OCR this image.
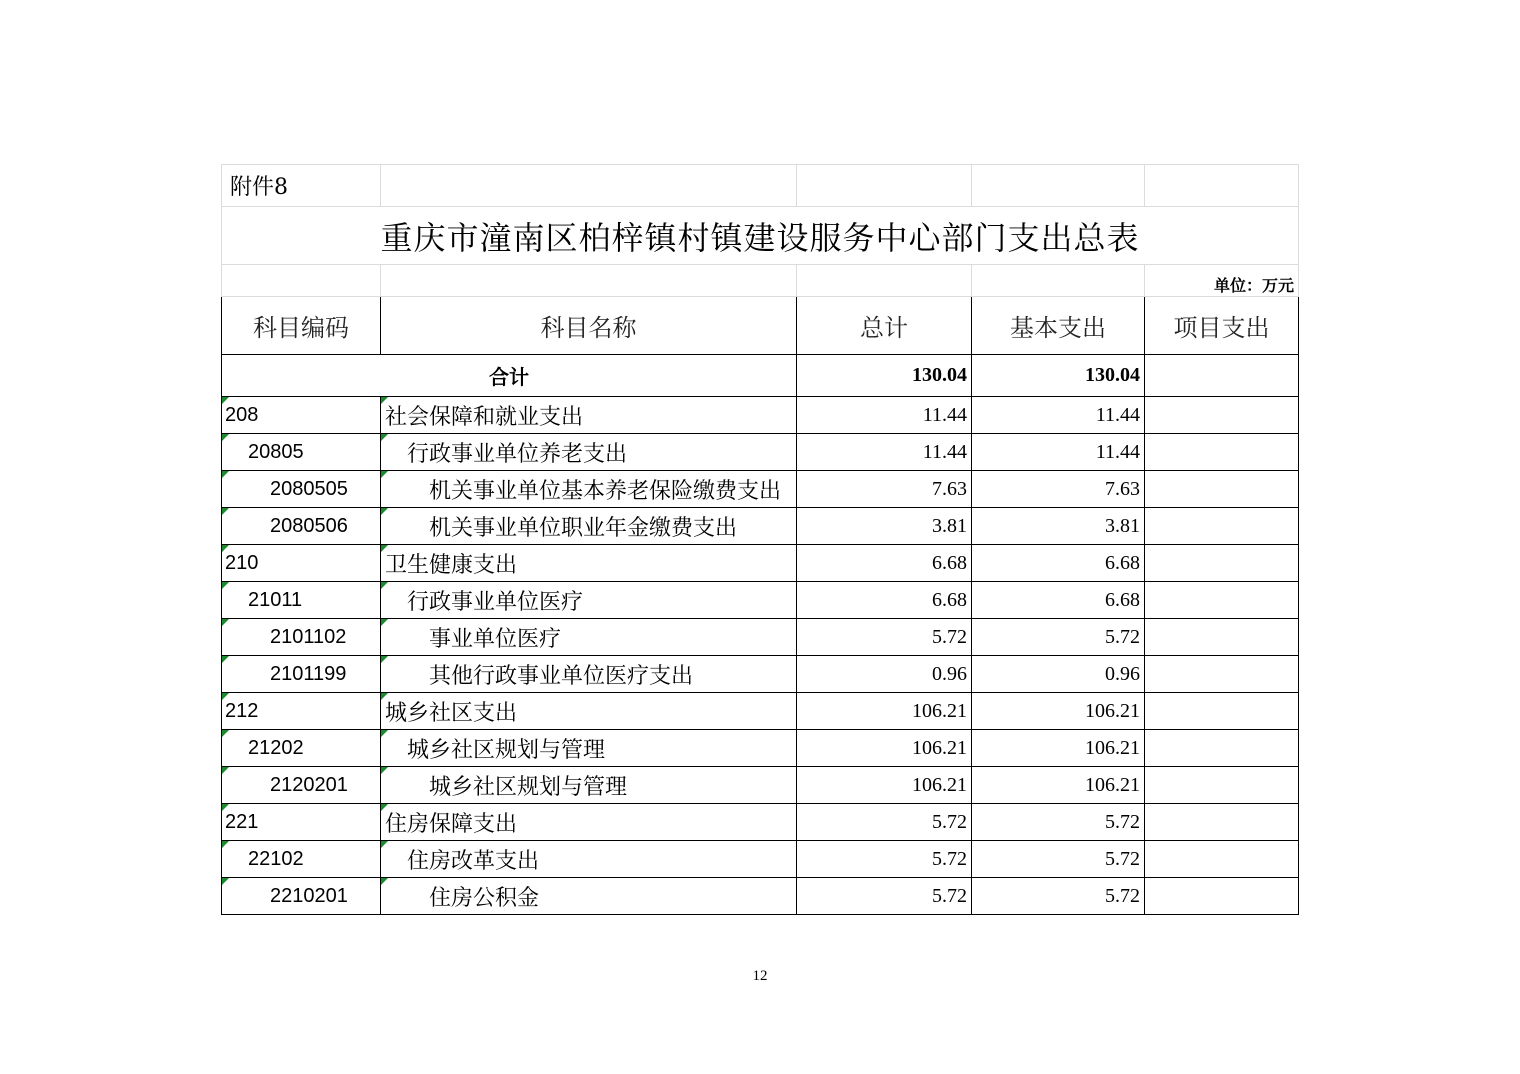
附件8				
重庆市潼南区柏梓镇村镇建设服务中心部门支出总表				
				单位：万元
科目编码	科目名称	总计	基本支出	项目支出
合计		130.04	130.04	
208	社会保障和就业支出	11.44	11.44	
20805	行政事业单位养老支出	11.44	11.44	
2080505	机关事业单位基本养老保险缴费支出	7.63	7.63	
2080506	机关事业单位职业年金缴费支出	3.81	3.81	
210	卫生健康支出	6.68	6.68	
21011	行政事业单位医疗	6.68	6.68	
2101102	事业单位医疗	5.72	5.72	
2101199	其他行政事业单位医疗支出	0.96	0.96	
212	城乡社区支出	106.21	106.21	
21202	城乡社区规划与管理	106.21	106.21	
2120201	城乡社区规划与管理	106.21	106.21	
221	住房保障支出	5.72	5.72	
22102	住房改革支出	5.72	5.72	
2210201	住房公积金	5.72	5.72	
12
